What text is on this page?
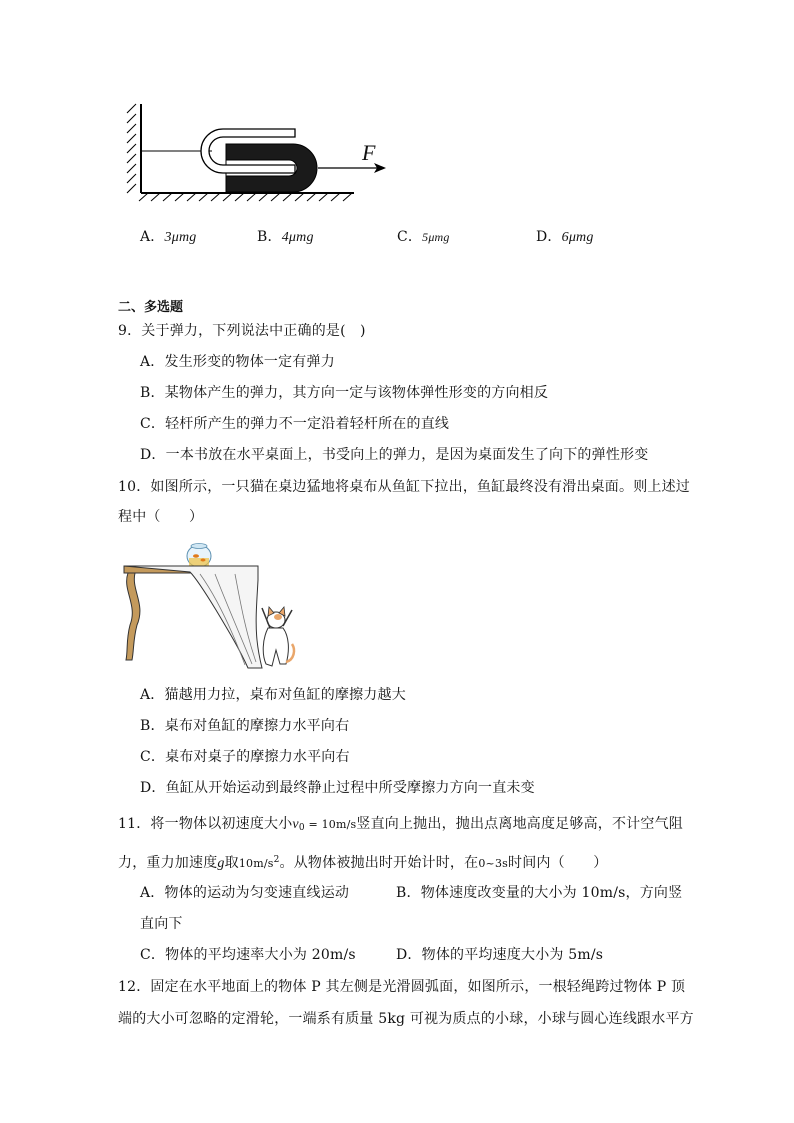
F
A．3μmg	B．4μmg	C．5μmg	D．6μmg
二、多选题
9．关于弹力，下列说法中正确的是(　)
A．发生形变的物体一定有弹力
B．某物体产生的弹力，其方向一定与该物体弹性形变的方向相反
C．轻杆所产生的弹力不一定沿着轻杆所在的直线
D．一本书放在水平桌面上，书受向上的弹力，是因为桌面发生了向下的弹性形变
10．如图所示，一只猫在桌边猛地将桌布从鱼缸下拉出，鱼缸最终没有滑出桌面。则上述过
程中（　　）
A．猫越用力拉，桌布对鱼缸的摩擦力越大
B．桌布对鱼缸的摩擦力水平向右
C．桌布对桌子的摩擦力水平向右
D．鱼缸从开始运动到最终静止过程中所受摩擦力方向一直未变
11．将一物体以初速度大小$v_0 = 10m/s$竖直向上抛出，抛出点离地高度足够高，不计空气阻
力，重力加速度g取$10m/s^2$。从物体被抛出时开始计时，在0~3s时间内（　　）
A．物体的运动为匀变速直线运动	B．物体速度改变量的大小为 10m/s，方向竖
直向下
C．物体的平均速率大小为 20m/s	D．物体的平均速度大小为 5m/s
12．固定在水平地面上的物体 P 其左侧是光滑圆弧面，如图所示，一根轻绳跨过物体 P 顶
端的大小可忽略的定滑轮，一端系有质量 5kg 可视为质点的小球，小球与圆心连线跟水平方
